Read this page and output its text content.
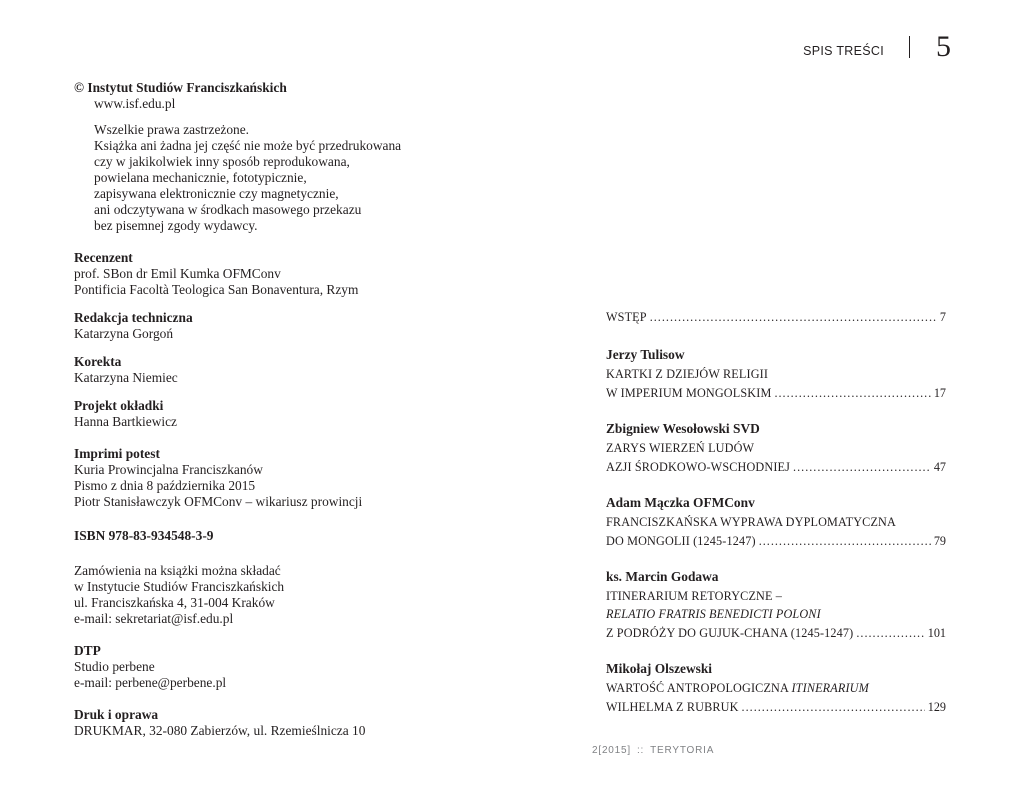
© Instytut Studiów Franciszkańskich
www.isf.edu.pl
Wszelkie prawa zastrzeżone.
Książka ani żadna jej część nie może być przedrukowana
czy w jakikolwiek inny sposób reprodukowana,
powielana mechanicznie, fototypicznie,
zapisywana elektronicznie czy magnetycznie,
ani odczytywana w środkach masowego przekazu
bez pisemnej zgody wydawcy.
Recenzent
prof. SBon dr Emil Kumka OFMConv
Pontificia Facoltà Teologica San Bonaventura, Rzym
Redakcja techniczna
Katarzyna Gorgoń
Korekta
Katarzyna Niemiec
Projekt okładki
Hanna Bartkiewicz
Imprimi potest
Kuria Prowincjalna Franciszkanów
Pismo z dnia 8 października 2015
Piotr Stanisławczyk OFMConv – wikariusz prowincji
ISBN 978-83-934548-3-9
Zamówienia na książki można składać
w Instytucie Studiów Franciszkańskich
ul. Franciszkańska 4, 31-004 Kraków
e-mail: sekretariat@isf.edu.pl
DTP
Studio perbene
e-mail: perbene@perbene.pl
Druk i oprawa
DRUKMAR, 32-080 Zabierzów, ul. Rzemieślnicza 10
SPIS TREŚCI 5
WSTĘP .....	7
Jerzy Tulisow
KARTKI Z DZIEJÓW RELIGII
W IMPERIUM MONGOLSKIM .....	17
Zbigniew Wesołowski SVD
ZARYS WIERZEŃ LUDÓW
AZJI ŚRODKOWO-WSCHODNIEJ .....	47
Adam Mączka OFMConv
FRANCISZKAŃSKA WYPRAWA DYPLOMATYCZNA
DO MONGOLII (1245-1247) .....	79
ks. Marcin Godawa
ITINERARIUM RETORYCZNE –
RELATIO FRATRIS BENEDICTI POLONI
Z PODRÓŻY DO GUJUK-CHANA (1245-1247) .....	101
Mikołaj Olszewski
WARTOŚĆ ANTROPOLOGICZNA ITINERARIUM
WILHELMA Z RUBRUK .....	129
2[2015] :: TERYTORIA
